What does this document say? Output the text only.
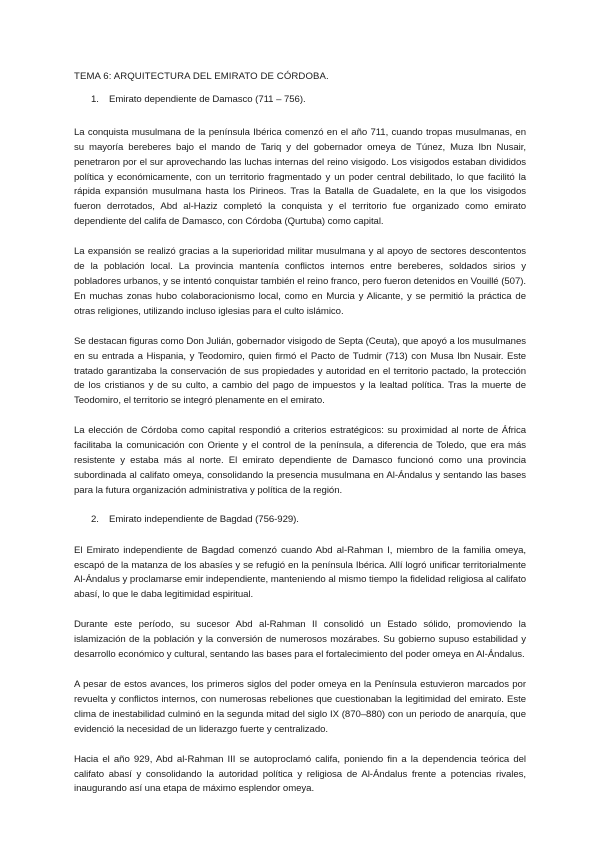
TEMA 6: ARQUITECTURA DEL EMIRATO DE CÓRDOBA.

1. Emirato dependiente de Damasco (711 – 756).

La conquista musulmana de la península Ibérica comenzó en el año 711, cuando tropas musulmanas, en su mayoría bereberes bajo el mando de Tariq y del gobernador omeya de Túnez, Muza Ibn Nusair, penetraron por el sur aprovechando las luchas internas del reino visigodo. Los visigodos estaban divididos política y económicamente, con un territorio fragmentado y un poder central debilitado, lo que facilitó la rápida expansión musulmana hasta los Pirineos. Tras la Batalla de Guadalete, en la que los visigodos fueron derrotados, Abd al-Haziz completó la conquista y el territorio fue organizado como emirato dependiente del califa de Damasco, con Córdoba (Qurtuba) como capital.

La expansión se realizó gracias a la superioridad militar musulmana y al apoyo de sectores descontentos de la población local. La provincia mantenía conflictos internos entre bereberes, soldados sirios y pobladores urbanos, y se intentó conquistar también el reino franco, pero fueron detenidos en Vouillé (507). En muchas zonas hubo colaboracionismo local, como en Murcia y Alicante, y se permitió la práctica de otras religiones, utilizando incluso iglesias para el culto islámico.

Se destacan figuras como Don Julián, gobernador visigodo de Septa (Ceuta), que apoyó a los musulmanes en su entrada a Hispania, y Teodomiro, quien firmó el Pacto de Tudmir (713) con Musa Ibn Nusair. Este tratado garantizaba la conservación de sus propiedades y autoridad en el territorio pactado, la protección de los cristianos y de su culto, a cambio del pago de impuestos y la lealtad política. Tras la muerte de Teodomiro, el territorio se integró plenamente en el emirato.

La elección de Córdoba como capital respondió a criterios estratégicos: su proximidad al norte de África facilitaba la comunicación con Oriente y el control de la península, a diferencia de Toledo, que era más resistente y estaba más al norte. El emirato dependiente de Damasco funcionó como una provincia subordinada al califato omeya, consolidando la presencia musulmana en Al-Ándalus y sentando las bases para la futura organización administrativa y política de la región.

2. Emirato independiente de Bagdad (756-929).

El Emirato independiente de Bagdad comenzó cuando Abd al-Rahman I, miembro de la familia omeya, escapó de la matanza de los abasíes y se refugió en la península Ibérica. Allí logró unificar territorialmente Al-Ándalus y proclamarse emir independiente, manteniendo al mismo tiempo la fidelidad religiosa al califato abasí, lo que le daba legitimidad espiritual.

Durante este período, su sucesor Abd al-Rahman II consolidó un Estado sólido, promoviendo la islamización de la población y la conversión de numerosos mozárabes. Su gobierno supuso estabilidad y desarrollo económico y cultural, sentando las bases para el fortalecimiento del poder omeya en Al-Ándalus.

A pesar de estos avances, los primeros siglos del poder omeya en la Península estuvieron marcados por revuelta y conflictos internos, con numerosas rebeliones que cuestionaban la legitimidad del emirato. Este clima de inestabilidad culminó en la segunda mitad del siglo IX (870–880) con un periodo de anarquía, que evidenció la necesidad de un liderazgo fuerte y centralizado.

Hacia el año 929, Abd al-Rahman III se autoproclamó califa, poniendo fin a la dependencia teórica del califato abasí y consolidando la autoridad política y religiosa de Al-Ándalus frente a potencias rivales, inaugurando así una etapa de máximo esplendor omeya.
